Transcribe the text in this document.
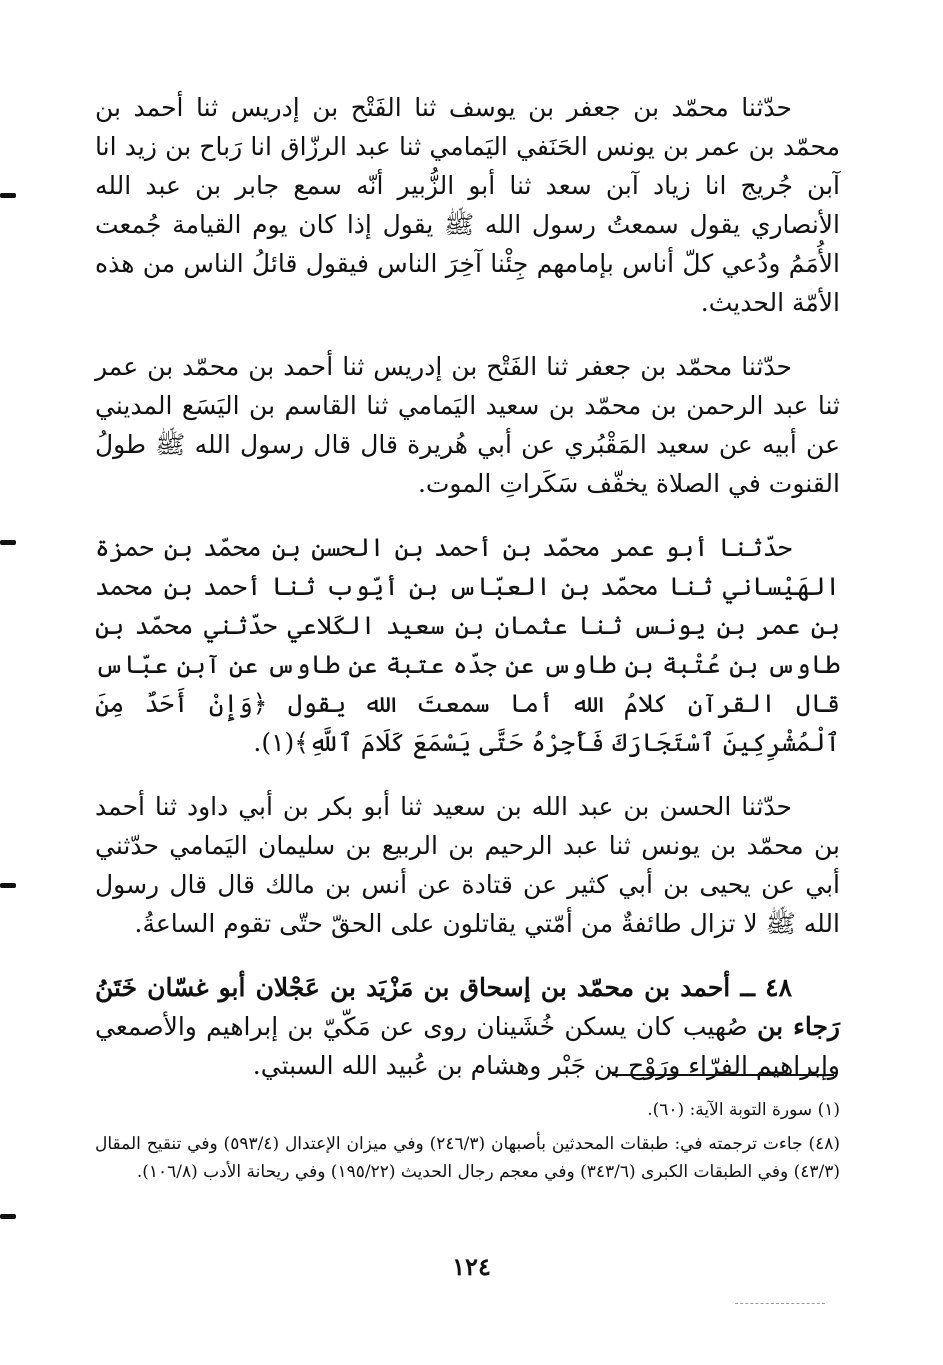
حدّثنا محمّد بن جعفر بن يوسف ثنا الفَتْح بن إدريس ثنا أحمد بن محمّد بن عمر بن يونس الحَنَفي اليَمامي ثنا عبد الرزّاق انا رَباح بن زيد انا آبن جُريج انا زياد آبن سعد ثنا أبو الزُّبير أنّه سمع جابر بن عبد الله الأنصاري يقول سمعتُ رسول الله ﷺ يقول إذا كان يوم القيامة جُمعت الأُمَمُ ودُعي كلّ أناس بإمامهم جِئْنا آخِرَ الناس فيقول قائلُ الناس من هذه الأمّة الحديث.

حدّثنا محمّد بن جعفر ثنا الفَتْح بن إدريس ثنا أحمد بن محمّد بن عمر ثنا عبد الرحمن بن محمّد بن سعيد اليَمامي ثنا القاسم بن اليَسَع المديني عن أبيه عن سعيد المَقْبُري عن أبي هُريرة قال قال رسول الله ﷺ طولُ القنوت في الصلاة يخفّف سَكَراتِ الموت.

حدّثنا أبو عمر محمّد بن أحمد بن الحسن بن محمّد بن حمزة الهَيْساني ثنا محمّد بن العبّاس بن أيّوب ثنا أحمد بن محمد بن عمر بن يونس ثنا عثمان بن سعيد الكَلاعي حدّثني محمّد بن طاوس بن عُتْبة بن طاوس عن جدّه عتبة عن طاوس عن آبن عبّاس قال القرآن كلامُ الله أما سمعتَ الله يقول ﴿وَإِنْ أَحَدٌ مِنَ ٱلْمُشْرِكِينَ ٱسْتَجَارَكَ فَأَجِرْهُ حَتَّى يَسْمَعَ كَلَامَ ٱللَّهِ﴾(١).

حدّثنا الحسن بن عبد الله بن سعيد ثنا أبو بكر بن أبي داود ثنا أحمد بن محمّد بن يونس ثنا عبد الرحيم بن الربيع بن سليمان اليَمامي حدّثني أبي عن يحيى بن أبي كثير عن قتادة عن أنس بن مالك قال قال رسول الله ﷺ لا تزال طائفةٌ من أمّتي يقاتلون على الحقّ حتّى تقوم الساعةُ.

٤٨ ــ أحمد بن محمّد بن إسحاق بن مَزْيَد بن عَجْلان أبو غسّان خَتَنُ رَجاء بن صُهيب كان يسكن خُشَينان روى عن مَكّيّ بن إبراهيم والأصمعي وإبراهيم الفرّاء ورَوْح بن جَبْر وهشام بن عُبيد الله السبتي.

(١) سورة التوبة الآية: (٦٠).

(٤٨) جاءت ترجمته في: طبقات المحدثين بأصبهان (٢٤٦/٣) وفي ميزان الإعتدال (٥٩٣/٤) وفي تنقيح المقال (٤٣/٣) وفي الطبقات الكبرى (٣٤٣/٦) وفي معجم رجال الحديث (١٩٥/٢٢) وفي ريحانة الأدب (١٠٦/٨).

١٢٤
